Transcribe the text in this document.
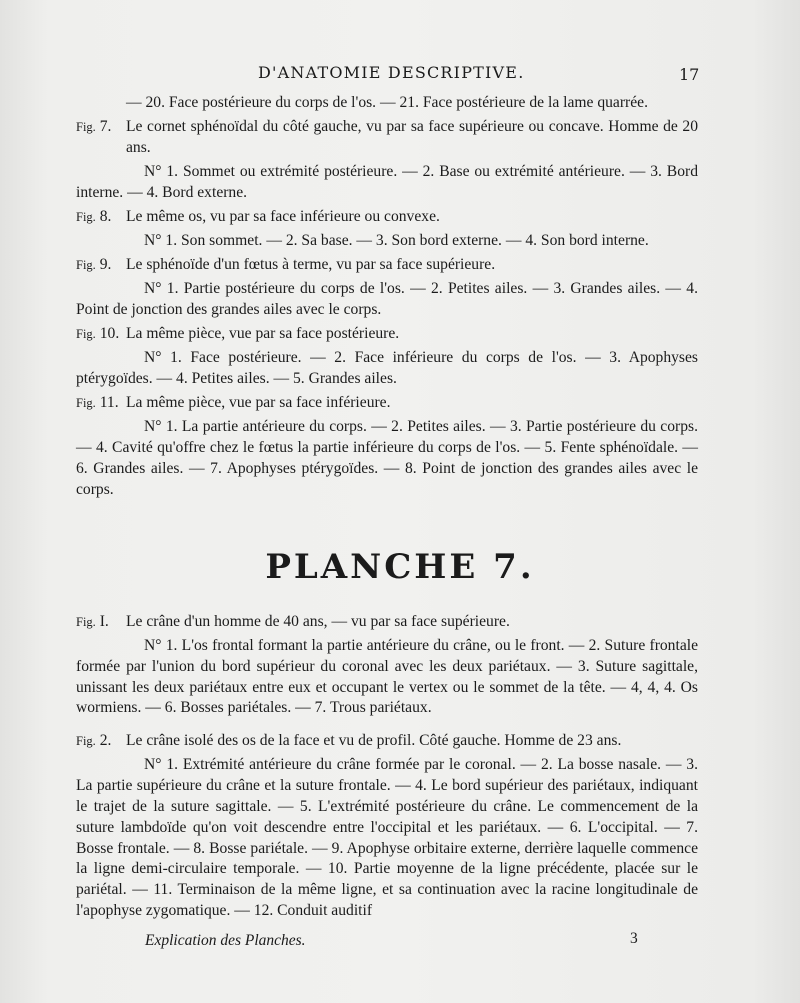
D'ANATOMIE DESCRIPTIVE.	17

— 20. Face postérieure du corps de l'os. — 21. Face postérieure de la lame quarrée.

Fig. 7. Le cornet sphénoïdal du côté gauche, vu par sa face supérieure ou concave. Homme de 20 ans.

N° 1. Sommet ou extrémité postérieure. — 2. Base ou extrémité antérieure. — 3. Bord interne. — 4. Bord externe.

Fig. 8. Le même os, vu par sa face inférieure ou convexe.

N° 1. Son sommet. — 2. Sa base. — 3. Son bord externe. — 4. Son bord interne.

Fig. 9. Le sphénoïde d'un fœtus à terme, vu par sa face supérieure.

N° 1. Partie postérieure du corps de l'os. — 2. Petites ailes. — 3. Grandes ailes. — 4. Point de jonction des grandes ailes avec le corps.

Fig. 10. La même pièce, vue par sa face postérieure.

N° 1. Face postérieure. — 2. Face inférieure du corps de l'os. — 3. Apophyses ptérygoïdes. — 4. Petites ailes. — 5. Grandes ailes.

Fig. 11. La même pièce, vue par sa face inférieure.

N° 1. La partie antérieure du corps. — 2. Petites ailes. — 3. Partie postérieure du corps. — 4. Cavité qu'offre chez le fœtus la partie inférieure du corps de l'os. — 5. Fente sphénoïdale. — 6. Grandes ailes. — 7. Apophyses ptérygoïdes. — 8. Point de jonction des grandes ailes avec le corps.

PLANCHE 7.

Fig. I. Le crâne d'un homme de 40 ans, — vu par sa face supérieure.

N° 1. L'os frontal formant la partie antérieure du crâne, ou le front. — 2. Suture frontale formée par l'union du bord supérieur du coronal avec les deux pariétaux. — 3. Suture sagittale, unissant les deux pariétaux entre eux et occupant le vertex ou le sommet de la tête. — 4, 4, 4. Os wormiens. — 6. Bosses pariétales. — 7. Trous pariétaux.

Fig. 2. Le crâne isolé des os de la face et vu de profil. Côté gauche. Homme de 23 ans.

N° 1. Extrémité antérieure du crâne formée par le coronal. — 2. La bosse nasale. — 3. La partie supérieure du crâne et la suture frontale. — 4. Le bord supérieur des pariétaux, indiquant le trajet de la suture sagittale. — 5. L'extrémité postérieure du crâne. Le commencement de la suture lambdoïde qu'on voit descendre entre l'occipital et les pariétaux. — 6. L'occipital. — 7. Bosse frontale. — 8. Bosse pariétale. — 9. Apophyse orbitaire externe, derrière laquelle commence la ligne demi-circulaire temporale. — 10. Partie moyenne de la ligne précédente, placée sur le pariétal. — 11. Terminaison de la même ligne, et sa continuation avec la racine longitudinale de l'apophyse zygomatique. — 12. Conduit auditif

Explication des Planches.	3
